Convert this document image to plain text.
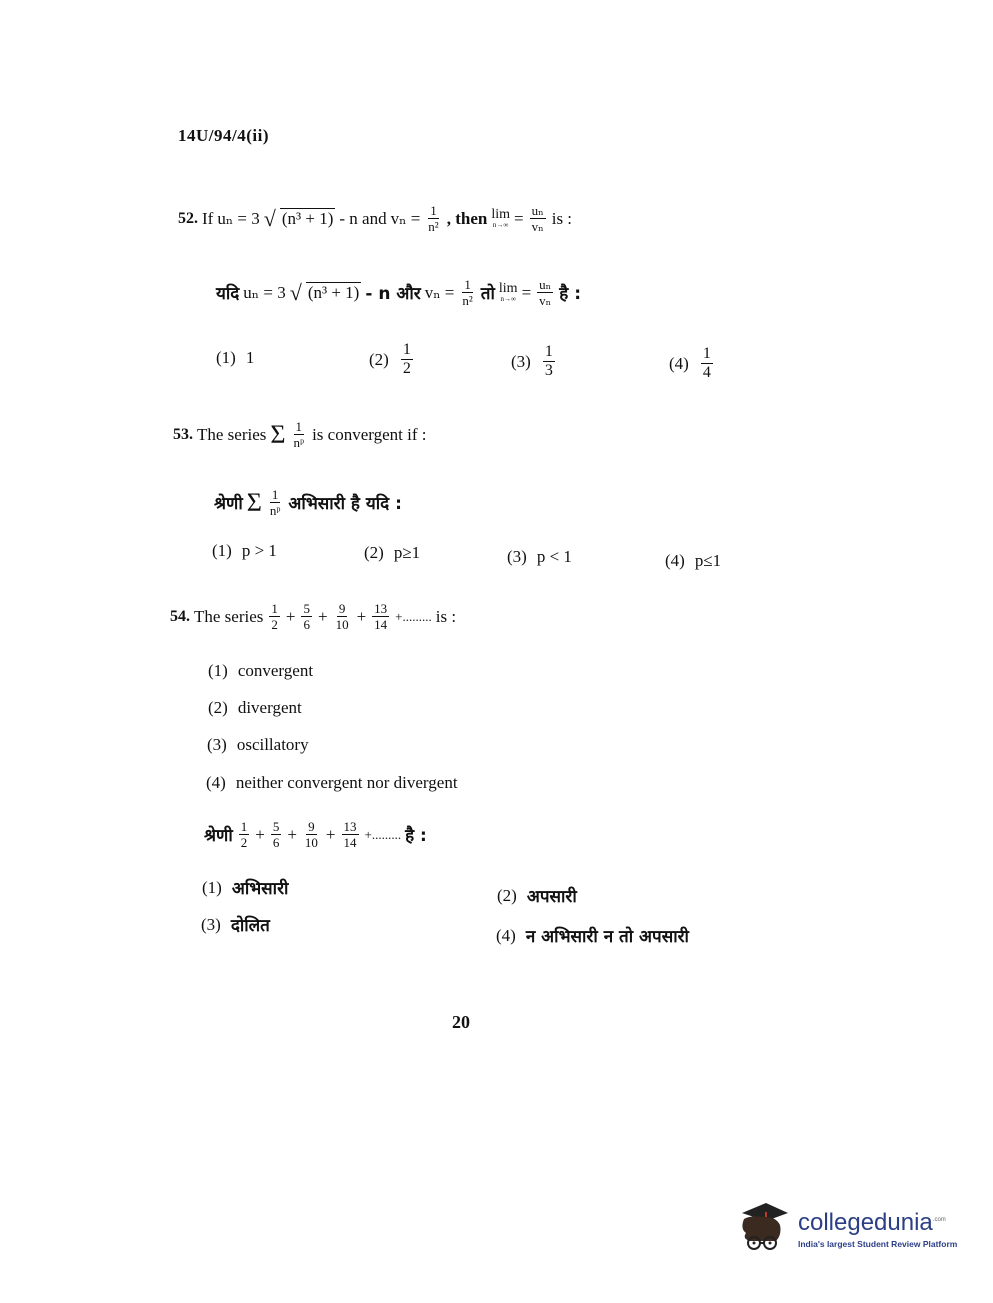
14U/94/4(ii)
52. If uₙ = 3 √ (n³ + 1) - n and $v_n = \frac{1}{\text{n²}}$ , then lim
$n\to\infty = \frac{\text{uₙ}}{\text{vₙ}}$ is :
यदि uₙ = 3 √ (n³ + 1) - n और $v_n = \frac{1}{\text{n²}}$ तो lim
$n\to\infty = \frac{\text{uₙ}}{\text{vₙ}}$ है :
(1) 1	$(2) \frac{1}{2}$	$(3) \frac{1}{3}$	$(4) \frac{1}{4}$
53. The series Σ $\frac{1}{\text{nᵖ}}$ is convergent if :
श्रेणी Σ $\frac{1}{\text{nᵖ}}$ अभिसारी है यदि :
(1) p > 1	(2) p≥1	(3) p < 1	(4) p≤1
54. The series $\frac{1}{2} + \frac{5}{6} + \frac{9}{10} + \frac{13}{14}$ +......... is :
(1) convergent
(2) divergent
(3) oscillatory
(4) neither convergent nor divergent
श्रेणी $\frac{1}{2} + \frac{5}{6} + \frac{9}{10} + \frac{13}{14}$ +......... है :
(1) अभिसारी	(2) अपसारी
(3) दोलित	(4) न अभिसारी न तो अपसारी
20
collegedunia$^{.com}$
India's largest Student Review Platform
